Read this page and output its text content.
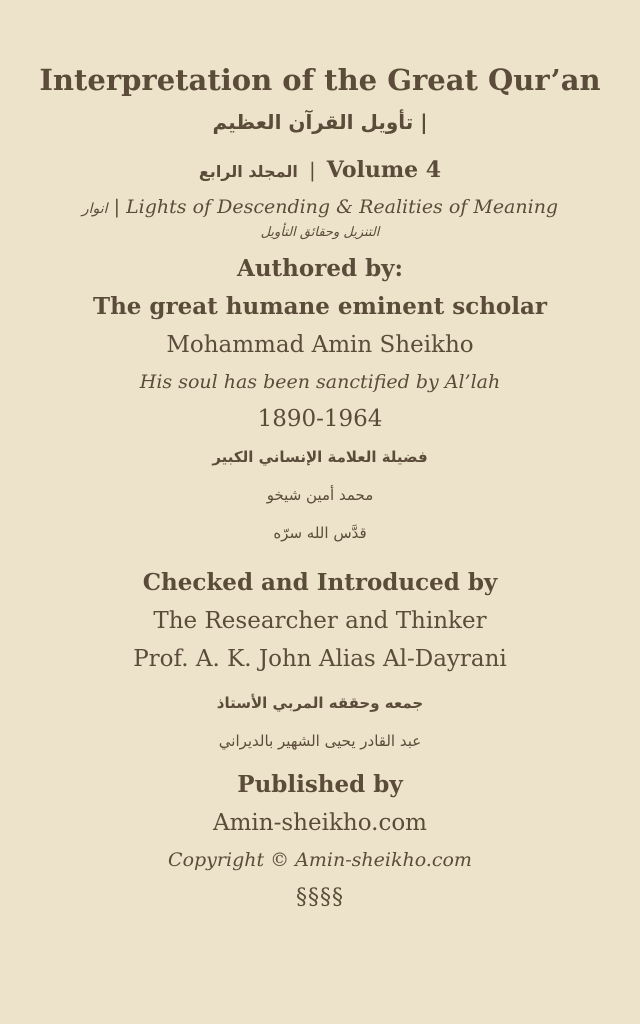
Interpretation of the Great Qur’an
| تأويل القرآن العظيم
المجلد الرابع | Volume 4
انوار | Lights of Descending & Realities of Meaning
التنزيل وحقائق التأويل
Authored by:
The great humane eminent scholar
Mohammad Amin Sheikho
His soul has been sanctified by Al’lah
1890-1964
فضيلة العلامة الإنساني الكبير
محمد أمين شيخو
قدَّس الله سرّه
Checked and Introduced by
The Researcher and Thinker
Prof. A. K. John Alias Al-Dayrani
جمعه وحققه المربي الأستاذ
عبد القادر يحيى الشهير بالديراني
Published by
Amin-sheikho.com
Copyright © Amin-sheikho.com
§§§§
